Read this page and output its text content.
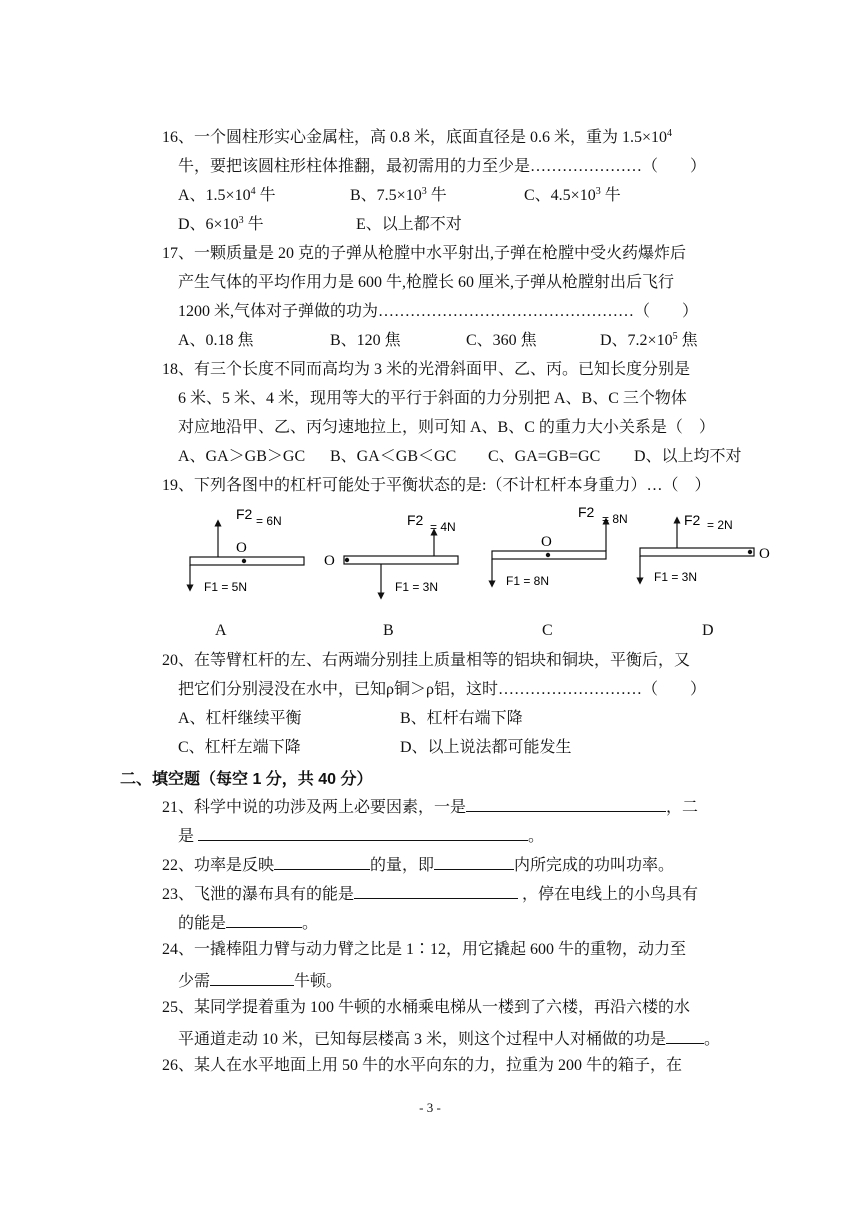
16、一个圆柱形实心金属柱，高 0.8 米，底面直径是 0.6 米，重为 $1.5\times 10^4$
牛，要把该圆柱形柱体推翻，最初需用的力至少是…………………（　　）
A、$1.5\times 10^4$ 牛	B、$7.5\times 10^3$ 牛	C、$4.5\times 10^3$ 牛
D、$6\times 10^3$ 牛	E、以上都不对
17、一颗质量是 20 克的子弹从枪膛中水平射出,子弹在枪膛中受火药爆炸后
产生气体的平均作用力是 600 牛,枪膛长 60 厘米,子弹从枪膛射出后飞行
1200 米,气体对子弹做的功为…………………………………………（　　）
A、0.18 焦	B、120 焦	C、360 焦	D、$7.2\times 10^5$ 焦
18、有三个长度不同而高均为 3 米的光滑斜面甲、乙、丙。已知长度分别是
6 米、5 米、4 米，现用等大的平行于斜面的力分别把 A、B、C 三个物体
对应地沿甲、乙、丙匀速地拉上，则可知 A、B、C 的重力大小关系是（　）
A、GA＞GB＞GC B、GA＜GB＜GC C、GA=GB=GC D、以上均不对
19、下列各图中的杠杆可能处于平衡状态的是:（不计杠杆本身重力）…（　）
O
F2 = 6N
F1 = 5N
O
F2 = 4N
F1 = 3N
O
F2 = 8N
F1 = 8N
O
F2 = 2N
F1 = 3N
A	B	C	D
20、在等臂杠杆的左、右两端分别挂上质量相等的铝块和铜块，平衡后，又
把它们分别浸没在水中，已知ρ铜＞ρ铝，这时………………………（　　）
A、杠杆继续平衡	B、杠杆右端下降
C、杠杆左端下降	D、以上说法都可能发生
二、填空题（每空 1 分，共 40 分）
21、科学中说的功涉及两上必要因素，一是	，二
是	。
22、功率是反映	的量，即	内所完成的功叫功率。
23、飞泄的瀑布具有的能是	，停在电线上的小鸟具有
的能是	。
24、一撬棒阻力臂与动力臂之比是 1∶12，用它撬起 600 牛的重物，动力至
少需	牛顿。
25、某同学提着重为 100 牛顿的水桶乘电梯从一楼到了六楼，再沿六楼的水
平通道走动 10 米，已知每层楼高 3 米，则这个过程中人对桶做的功是 。
26、某人在水平地面上用 50 牛的水平向东的力，拉重为 200 牛的箱子，在
- 3 -
